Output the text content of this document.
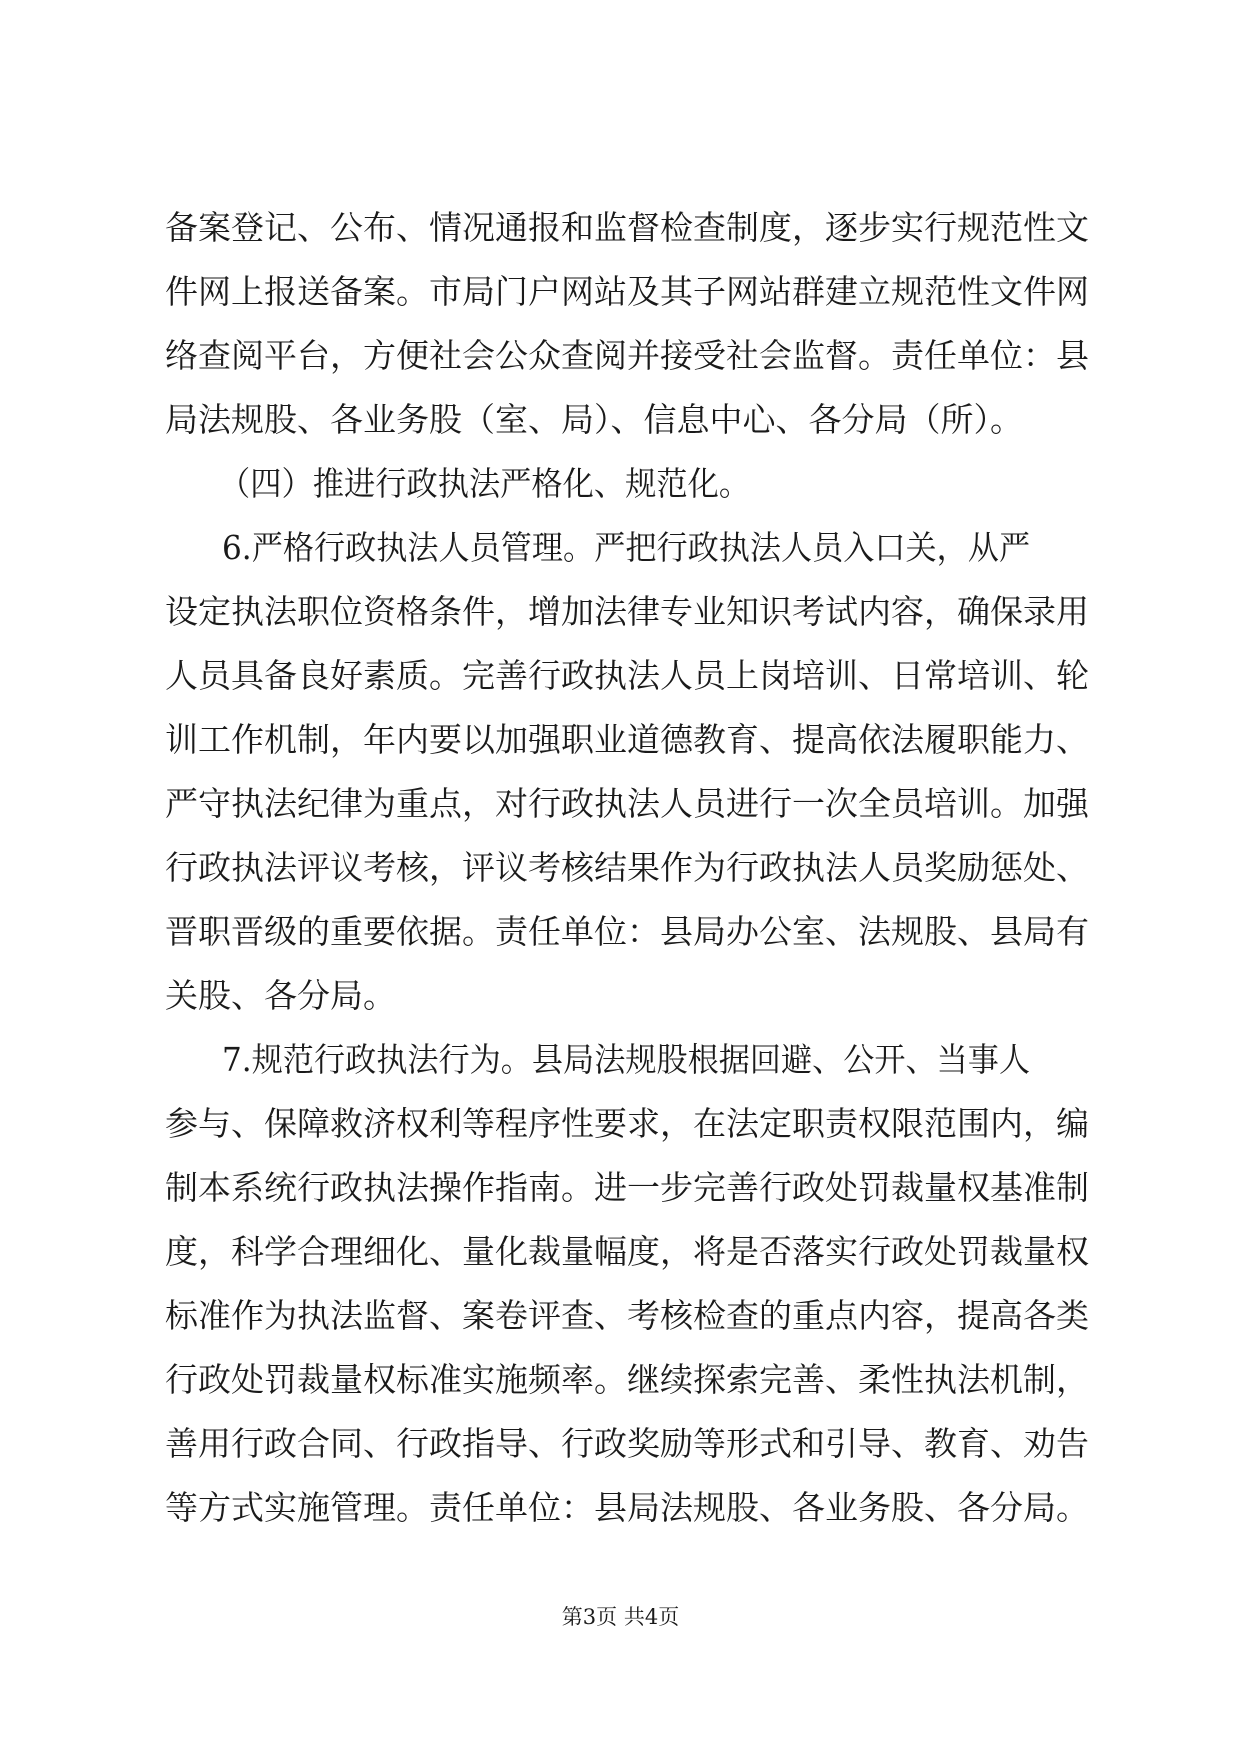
备案登记、公布、情况通报和监督检查制度，逐步实行规范性文
件网上报送备案。市局门户网站及其子网站群建立规范性文件网
络查阅平台，方便社会公众查阅并接受社会监督。责任单位：县
局法规股、各业务股（室、局）、信息中心、各分局（所）。
（四）推进行政执法严格化、规范化。
6.严格行政执法人员管理。严把行政执法人员入口关，从严
设定执法职位资格条件，增加法律专业知识考试内容，确保录用
人员具备良好素质。完善行政执法人员上岗培训、日常培训、轮
训工作机制，年内要以加强职业道德教育、提高依法履职能力、
严守执法纪律为重点，对行政执法人员进行一次全员培训。加强
行政执法评议考核，评议考核结果作为行政执法人员奖励惩处、
晋职晋级的重要依据。责任单位：县局办公室、法规股、县局有
关股、各分局。
7.规范行政执法行为。县局法规股根据回避、公开、当事人
参与、保障救济权利等程序性要求，在法定职责权限范围内，编
制本系统行政执法操作指南。进一步完善行政处罚裁量权基准制
度，科学合理细化、量化裁量幅度，将是否落实行政处罚裁量权
标准作为执法监督、案卷评查、考核检查的重点内容，提高各类
行政处罚裁量权标准实施频率。继续探索完善、柔性执法机制，
善用行政合同、行政指导、行政奖励等形式和引导、教育、劝告
等方式实施管理。责任单位：县局法规股、各业务股、各分局。
第3页 共4页
